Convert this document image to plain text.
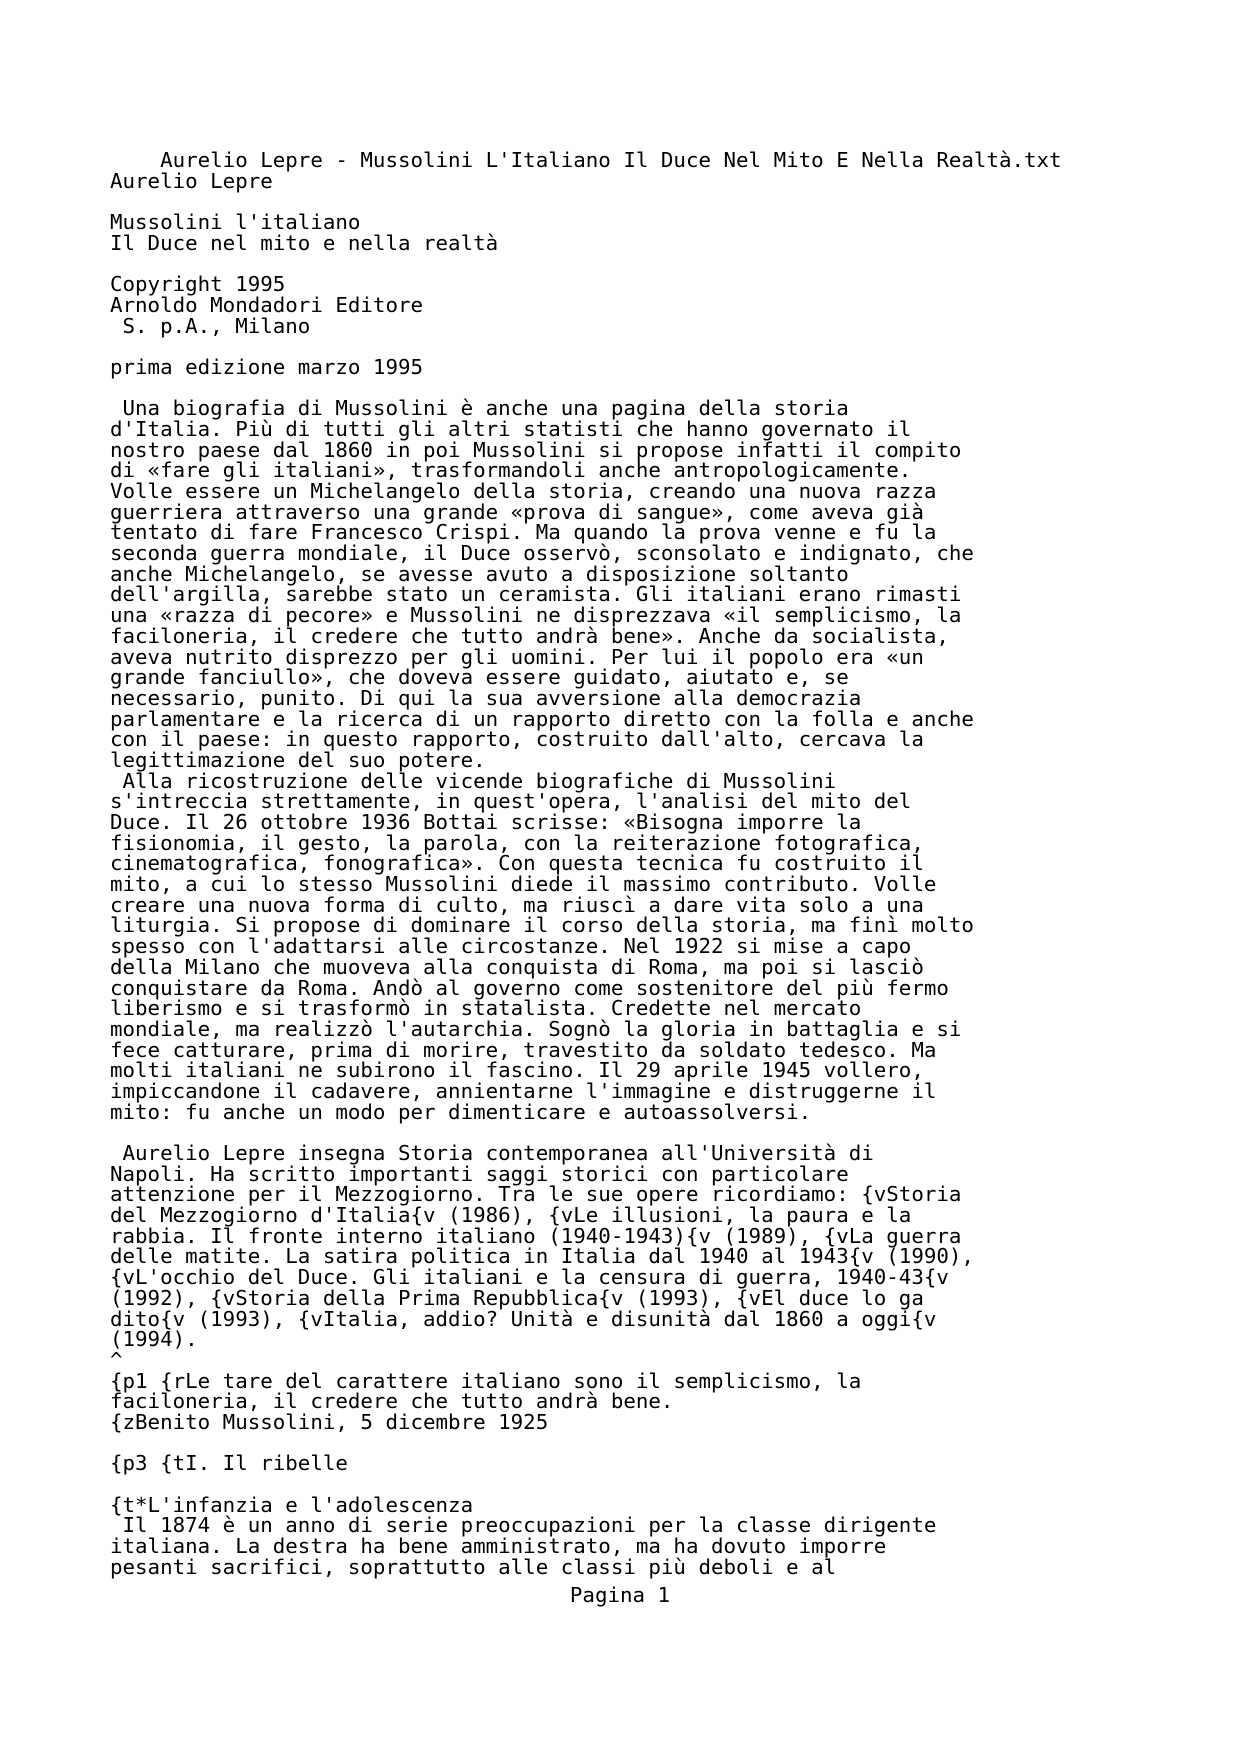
Aurelio Lepre - Mussolini L'Italiano Il Duce Nel Mito E Nella Realtà.txt
Aurelio Lepre

Mussolini l'italiano
Il Duce nel mito e nella realtà

Copyright 1995
Arnoldo Mondadori Editore
S. p.A., Milano

prima edizione marzo 1995

Una biografia di Mussolini è anche una pagina della storia
d'Italia. Più di tutti gli altri statisti che hanno governato il
nostro paese dal 1860 in poi Mussolini si propose infatti il compito
di «fare gli italiani», trasformandoli anche antropologicamente.
Volle essere un Michelangelo della storia, creando una nuova razza
guerriera attraverso una grande «prova di sangue», come aveva già
tentato di fare Francesco Crispi. Ma quando la prova venne e fu la
seconda guerra mondiale, il Duce osservò, sconsolato e indignato, che
anche Michelangelo, se avesse avuto a disposizione soltanto
dell'argilla, sarebbe stato un ceramista. Gli italiani erano rimasti
una «razza di pecore» e Mussolini ne disprezzava «il semplicismo, la
faciloneria, il credere che tutto andrà bene». Anche da socialista,
aveva nutrito disprezzo per gli uomini. Per lui il popolo era «un
grande fanciullo», che doveva essere guidato, aiutato e, se
necessario, punito. Di qui la sua avversione alla democrazia
parlamentare e la ricerca di un rapporto diretto con la folla e anche
con il paese: in questo rapporto, costruito dall'alto, cercava la
legittimazione del suo potere.
Alla ricostruzione delle vicende biografiche di Mussolini
s'intreccia strettamente, in quest'opera, l'analisi del mito del
Duce. Il 26 ottobre 1936 Bottai scrisse: «Bisogna imporre la
fisionomia, il gesto, la parola, con la reiterazione fotografica,
cinematografica, fonografica». Con questa tecnica fu costruito il
mito, a cui lo stesso Mussolini diede il massimo contributo. Volle
creare una nuova forma di culto, ma riuscì a dare vita solo a una
liturgia. Si propose di dominare il corso della storia, ma finì molto
spesso con l'adattarsi alle circostanze. Nel 1922 si mise a capo
della Milano che muoveva alla conquista di Roma, ma poi si lasciò
conquistare da Roma. Andò al governo come sostenitore del più fermo
liberismo e si trasformò in statalista. Credette nel mercato
mondiale, ma realizzò l'autarchia. Sognò la gloria in battaglia e si
fece catturare, prima di morire, travestito da soldato tedesco. Ma
molti italiani ne subirono il fascino. Il 29 aprile 1945 vollero,
impiccandone il cadavere, annientarne l'immagine e distruggerne il
mito: fu anche un modo per dimenticare e autoassolversi.

Aurelio Lepre insegna Storia contemporanea all'Università di
Napoli. Ha scritto importanti saggi storici con particolare
attenzione per il Mezzogiorno. Tra le sue opere ricordiamo: {vStoria
del Mezzogiorno d'Italia{v (1986), {vLe illusioni, la paura e la
rabbia. Il fronte interno italiano (1940-1943){v (1989), {vLa guerra
delle matite. La satira politica in Italia dal 1940 al 1943{v (1990),
{vL'occhio del Duce. Gli italiani e la censura di guerra, 1940-43{v
(1992), {vStoria della Prima Repubblica{v (1993), {vEl duce lo ga
dito{v (1993), {vItalia, addio? Unità e disunità dal 1860 a oggi{v
(1994).
^
{p1 {rLe tare del carattere italiano sono il semplicismo, la
faciloneria, il credere che tutto andrà bene.
{zBenito Mussolini, 5 dicembre 1925

{p3 {tI. Il ribelle

{t*L'infanzia e l'adolescenza
Il 1874 è un anno di serie preoccupazioni per la classe dirigente
italiana. La destra ha bene amministrato, ma ha dovuto imporre
pesanti sacrifici, soprattutto alle classi più deboli e al
Pagina 1
